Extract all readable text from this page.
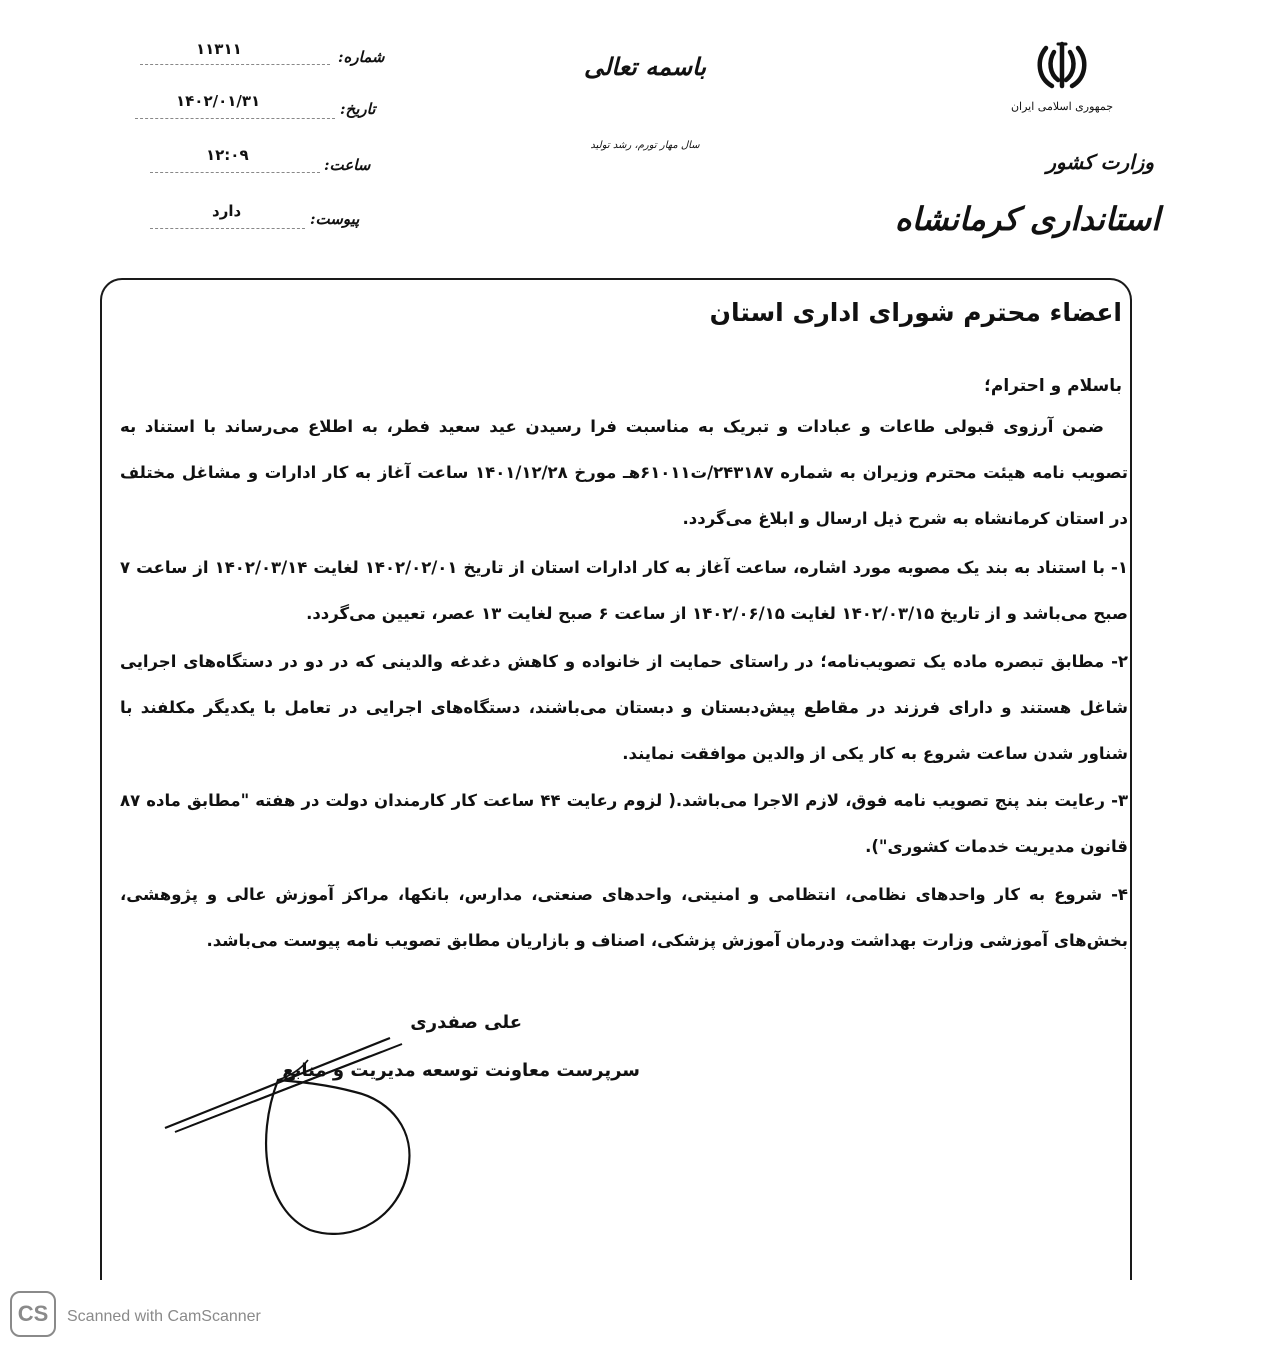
جمهوری اسلامی ایران
وزارت کشور
استانداری کرمانشاه
باسمه تعالی
سال مهار تورم، رشد تولید
شماره:
۱۱۳۱۱
تاریخ:
۱۴۰۲/۰۱/۳۱
ساعت:
۱۲:۰۹
پیوست:
دارد
اعضاء محترم شورای اداری استان
باسلام و احترام؛
ضمن آرزوی قبولی طاعات و عبادات و تبریک به مناسبت فرا رسیدن عید سعید فطر، به اطلاع می‌رساند با استناد به تصویب نامه هیئت محترم وزیران به شماره ۲۴۳۱۸۷/ت۶۱۰۱۱هـ مورخ ۱۴۰۱/۱۲/۲۸ ساعت آغاز به کار ادارات و مشاغل مختلف در استان کرمانشاه به شرح ذیل ارسال و ابلاغ می‌گردد.
۱- با استناد به بند یک مصوبه مورد اشاره، ساعت آغاز به کار ادارات استان از تاریخ ۱۴۰۲/۰۲/۰۱ لغایت ۱۴۰۲/۰۳/۱۴ از ساعت ۷ صبح می‌باشد و از تاریخ ۱۴۰۲/۰۳/۱۵ لغایت ۱۴۰۲/۰۶/۱۵ از ساعت ۶ صبح لغایت ۱۳ عصر، تعیین می‌گردد.
۲- مطابق تبصره ماده یک تصویب‌نامه؛ در راستای حمایت از خانواده و کاهش دغدغه والدینی که در دو در دستگاه‌های اجرایی شاغل هستند و دارای فرزند در مقاطع پیش‌دبستان و دبستان می‌باشند، دستگاه‌های اجرایی در تعامل با یکدیگر مکلفند با شناور شدن ساعت شروع به کار یکی از والدین موافقت نمایند.
۳- رعایت بند پنج تصویب نامه فوق، لازم الاجرا می‌باشد.( لزوم رعایت ۴۴ ساعت کار کارمندان دولت در هفته "مطابق ماده ۸۷ قانون مدیریت خدمات کشوری").
۴- شروع به کار واحدهای نظامی، انتظامی و امنیتی، واحدهای صنعتی، مدارس، بانکها، مراکز آموزش عالی و پژوهشی، بخش‌های آموزشی وزارت بهداشت ودرمان آموزش پزشکی، اصناف و بازاریان مطابق تصویب نامه پیوست می‌باشد.
علی صفدری
سرپرست معاونت توسعه مدیریت و منابع
CS	Scanned with CamScanner
